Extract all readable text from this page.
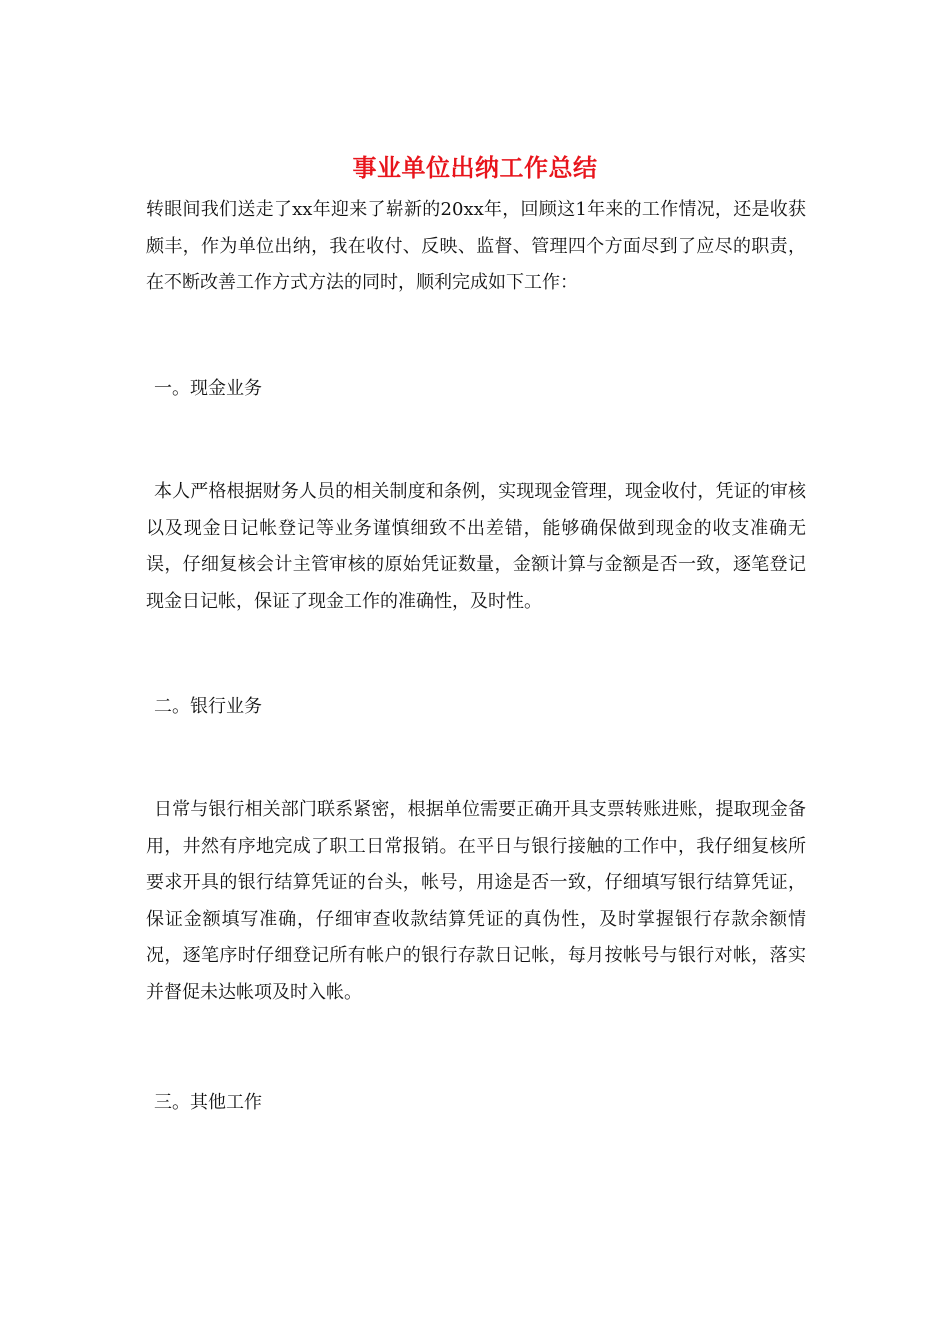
事业单位出纳工作总结

转眼间我们送走了xx年迎来了崭新的20xx年，回顾这1年来的工作情况，还是收获颇丰，作为单位出纳，我在收付、反映、监督、管理四个方面尽到了应尽的职责，在不断改善工作方式方法的同时，顺利完成如下工作：

一。现金业务

本人严格根据财务人员的相关制度和条例，实现现金管理，现金收付，凭证的审核以及现金日记帐登记等业务谨慎细致不出差错，能够确保做到现金的收支准确无误，仔细复核会计主管审核的原始凭证数量，金额计算与金额是否一致，逐笔登记现金日记帐，保证了现金工作的准确性，及时性。

二。银行业务

日常与银行相关部门联系紧密，根据单位需要正确开具支票转账进账，提取现金备用，井然有序地完成了职工日常报销。在平日与银行接触的工作中，我仔细复核所要求开具的银行结算凭证的台头，帐号，用途是否一致，仔细填写银行结算凭证，保证金额填写准确，仔细审查收款结算凭证的真伪性，及时掌握银行存款余额情况，逐笔序时仔细登记所有帐户的银行存款日记帐，每月按帐号与银行对帐，落实并督促未达帐项及时入帐。

三。其他工作
